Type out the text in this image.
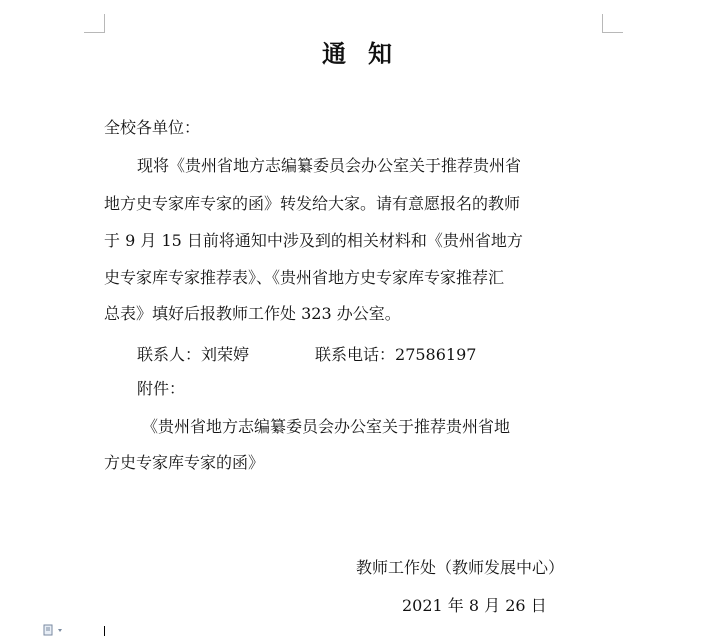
通知
全校各单位：
现将《贵州省地方志编纂委员会办公室关于推荐贵州省
地方史专家库专家的函》转发给大家。请有意愿报名的教师
于 9 月 15 日前将通知中涉及到的相关材料和《贵州省地方
史专家库专家推荐表》、《贵州省地方史专家库专家推荐汇
总表》填好后报教师工作处 323 办公室。
联系人：刘荣婷	联系电话：27586197
附件：
《贵州省地方志编纂委员会办公室关于推荐贵州省地
方史专家库专家的函》
教师工作处（教师发展中心）
2021 年 8 月 26 日
